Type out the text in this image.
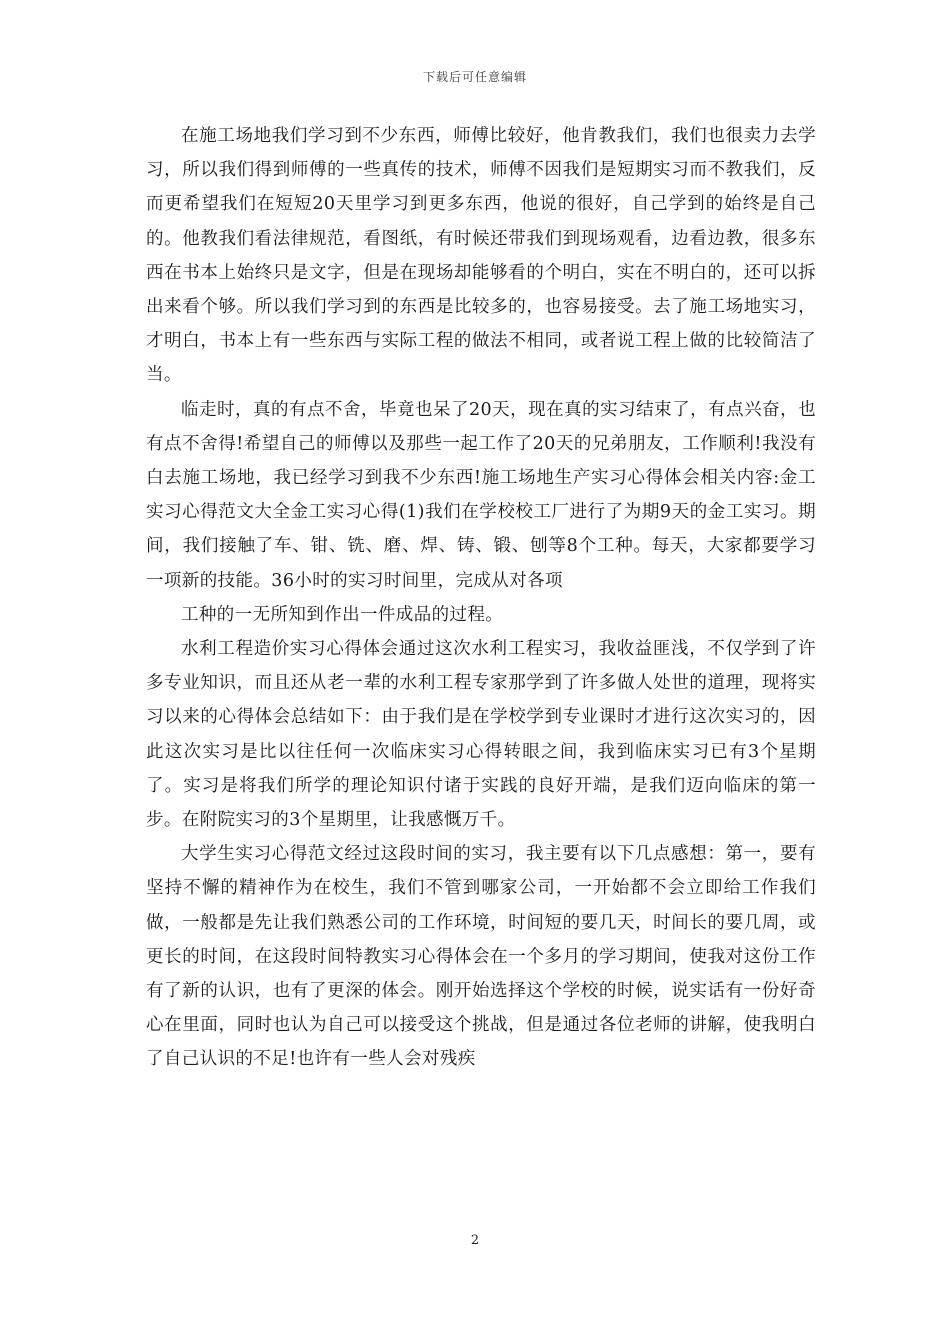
下载后可任意编辑

在施工场地我们学习到不少东西，师傅比较好，他肯教我们，我们也很卖力去学习，所以我们得到师傅的一些真传的技术，师傅不因我们是短期实习而不教我们，反而更希望我们在短短20天里学习到更多东西，他说的很好，自己学到的始终是自己的。他教我们看法律规范，看图纸，有时候还带我们到现场观看，边看边教，很多东西在书本上始终只是文字，但是在现场却能够看的个明白，实在不明白的，还可以拆出来看个够。所以我们学习到的东西是比较多的，也容易接受。去了施工场地实习，才明白，书本上有一些东西与实际工程的做法不相同，或者说工程上做的比较简洁了当。

临走时，真的有点不舍，毕竟也呆了20天，现在真的实习结束了，有点兴奋，也有点不舍得!希望自己的师傅以及那些一起工作了20天的兄弟朋友，工作顺利!我没有白去施工场地，我已经学习到我不少东西!施工场地生产实习心得体会相关内容:金工实习心得范文大全金工实习心得(1)我们在学校校工厂进行了为期9天的金工实习。期间，我们接触了车、钳、铣、磨、焊、铸、锻、刨等8个工种。每天，大家都要学习一项新的技能。36小时的实习时间里，完成从对各项

工种的一无所知到作出一件成品的过程。

水利工程造价实习心得体会通过这次水利工程实习，我收益匪浅，不仅学到了许多专业知识，而且还从老一辈的水利工程专家那学到了许多做人处世的道理，现将实习以来的心得体会总结如下：由于我们是在学校学到专业课时才进行这次实习的，因此这次实习是比以往任何一次临床实习心得转眼之间，我到临床实习已有3个星期了。实习是将我们所学的理论知识付诸于实践的良好开端，是我们迈向临床的第一步。在附院实习的3个星期里，让我感慨万千。

大学生实习心得范文经过这段时间的实习，我主要有以下几点感想：第一，要有坚持不懈的精神作为在校生，我们不管到哪家公司，一开始都不会立即给工作我们做，一般都是先让我们熟悉公司的工作环境，时间短的要几天，时间长的要几周，或更长的时间，在这段时间特教实习心得体会在一个多月的学习期间，使我对这份工作有了新的认识，也有了更深的体会。刚开始选择这个学校的时候，说实话有一份好奇心在里面，同时也认为自己可以接受这个挑战，但是通过各位老师的讲解，使我明白了自己认识的不足!也许有一些人会对残疾

2
